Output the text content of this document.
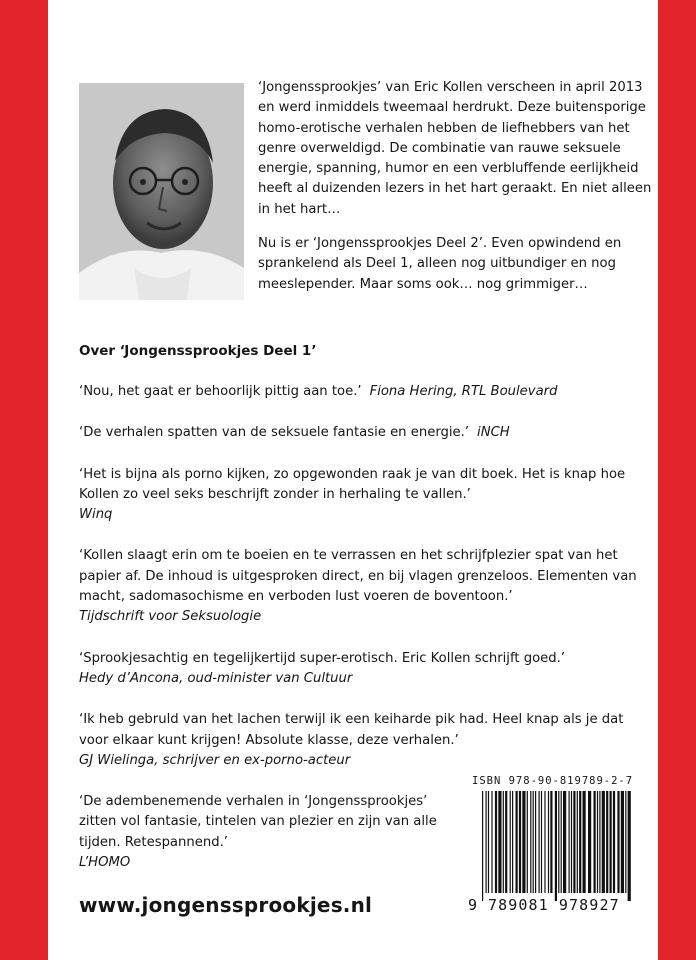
‘Jongenssprookjes’ van Eric Kollen verscheen in april 2013 en werd inmiddels tweemaal herdrukt. Deze buitensporige homo-erotische verhalen hebben de liefhebbers van het genre overweldigd. De combinatie van rauwe seksuele energie, spanning, humor en een verbluffende eerlijkheid heeft al duizenden lezers in het hart geraakt. En niet alleen in het hart…

Nu is er ‘Jongenssprookjes Deel 2’. Even opwindend en sprankelend als Deel 1, alleen nog uitbundiger en nog meeslepender. Maar soms ook… nog grimmiger…

Over ‘Jongenssprookjes Deel 1’
‘Nou, het gaat er behoorlijk pittig aan toe.’ Fiona Hering, RTL Boulevard
‘De verhalen spatten van de seksuele fantasie en energie.’ iNCH
‘Het is bijna als porno kijken, zo opgewonden raak je van dit boek. Het is knap hoe Kollen zo veel seks beschrijft zonder in herhaling te vallen.’
Winq
‘Kollen slaagt erin om te boeien en te verrassen en het schrijfplezier spat van het papier af. De inhoud is uitgesproken direct, en bij vlagen grenzeloos. Elementen van macht, sadomasochisme en verboden lust voeren de boventoon.’
Tijdschrift voor Seksuologie
‘Sprookjesachtig en tegelijkertijd super-erotisch. Eric Kollen schrijft goed.’
Hedy d’Ancona, oud-minister van Cultuur
‘Ik heb gebruld van het lachen terwijl ik een keiharde pik had. Heel knap als je dat voor elkaar kunt krijgen! Absolute klasse, deze verhalen.’
GJ Wielinga, schrijver en ex-porno-acteur
‘De adembenemende verhalen in ‘Jongenssprookjes’ zitten vol fantasie, tintelen van plezier en zijn van alle tijden. Retespannend.’
L’HOMO

www.jongenssprookjes.nl

ISBN 978-90-819789-2-7
9 789081 978927
